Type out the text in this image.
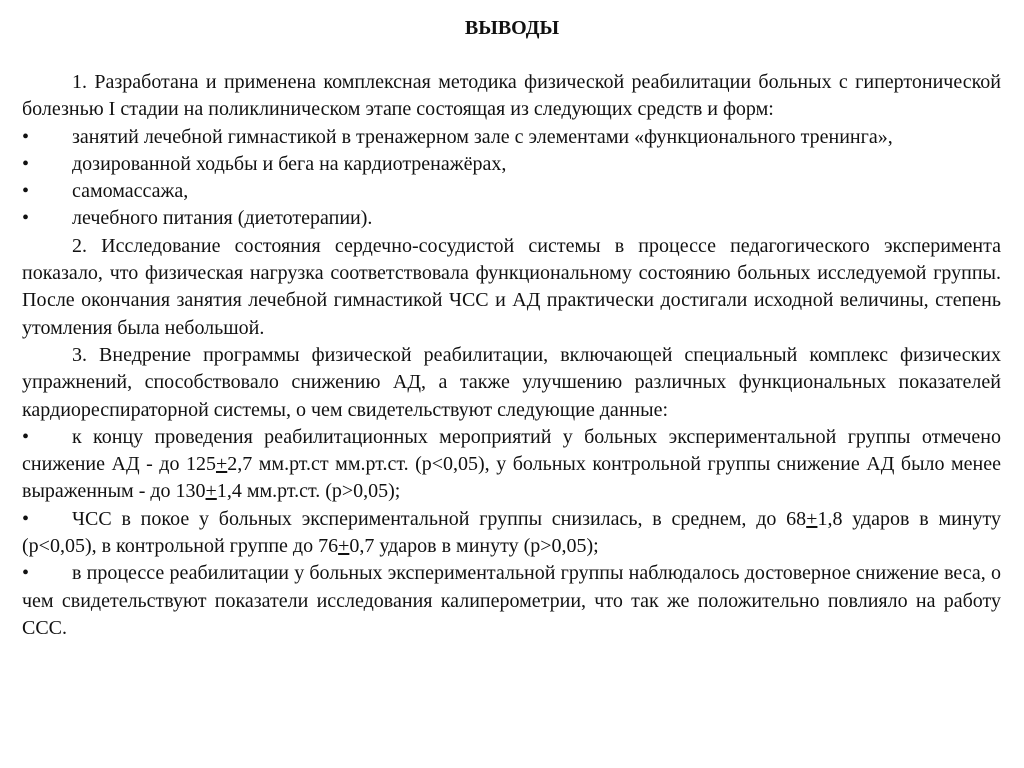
ВЫВОДЫ

1. Разработана и применена комплексная методика физической реабилитации больных с гипертонической болезнью I стадии на поликлиническом этапе состоящая из следующих средств и форм:

• занятий лечебной гимнастикой в тренажерном зале с элементами «функционального тренинга»,

• дозированной ходьбы и бега на кардиотренажёрах,

• самомассажа,

• лечебного питания (диетотерапии).

2. Исследование состояния сердечно-сосудистой системы в процессе педагогического эксперимента показало, что физическая нагрузка соответствовала функциональному состоянию больных исследуемой группы. После окончания занятия лечебной гимнастикой ЧСС и АД практически достигали исходной величины, степень утомления была небольшой.

3. Внедрение программы физической реабилитации, включающей специальный комплекс физических упражнений, способствовало снижению АД, а также улучшению различных функциональных показателей кардиореспираторной системы, о чем свидетельствуют следующие данные:

• к концу проведения реабилитационных мероприятий у больных экспериментальной группы отмечено снижение АД - до 125+2,7 мм.рт.ст мм.рт.ст. (р<0,05), у больных контрольной группы снижение АД было менее выраженным - до 130+1,4 мм.рт.ст. (р>0,05);

• ЧСС в покое у больных экспериментальной группы снизилась, в среднем, до 68+1,8 ударов в минуту (р<0,05), в контрольной группе до 76+0,7 ударов в минуту (р>0,05);

• в процессе реабилитации у больных экспериментальной группы наблюдалось достоверное снижение веса, о чем свидетельствуют показатели исследования калиперометрии, что так же положительно повлияло на работу ССС.
